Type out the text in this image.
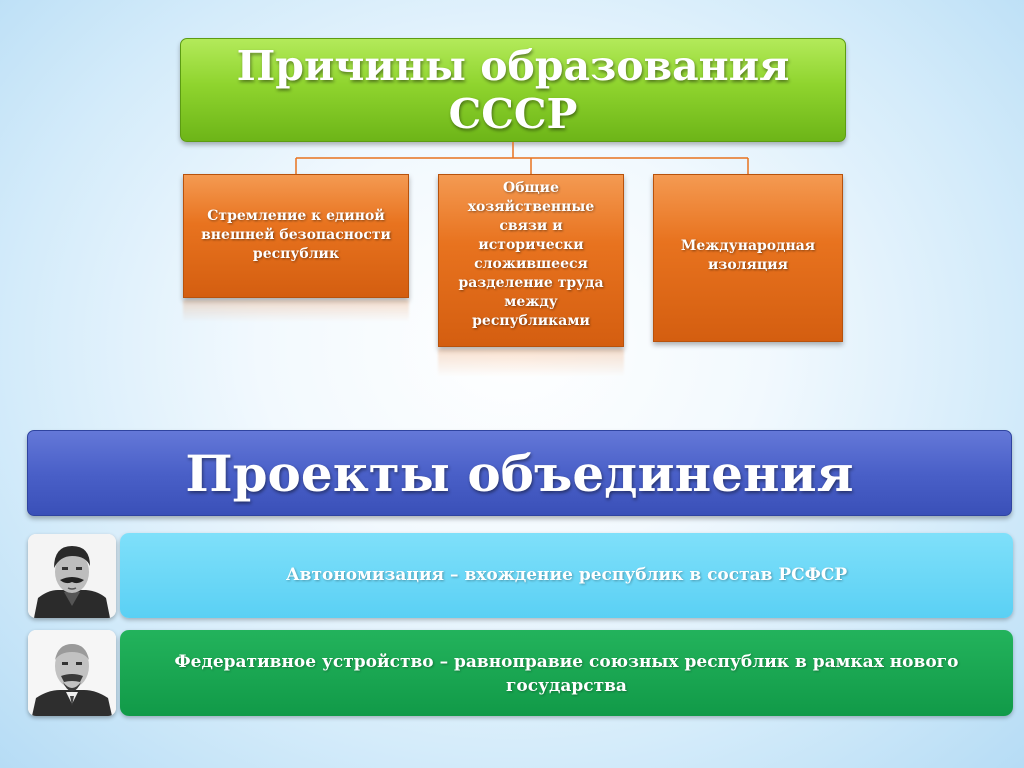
Причины образования
СССР
Стремление к единой
внешней безопасности
республик
Общие
хозяйственные
связи и
исторически
сложившееся
разделение труда
между
республиками
Международная
изоляция
Проекты объединения
Автономизация – вхождение республик в состав РСФСР
Федеративное устройство – равноправие союзных республик в рамках нового
государства
